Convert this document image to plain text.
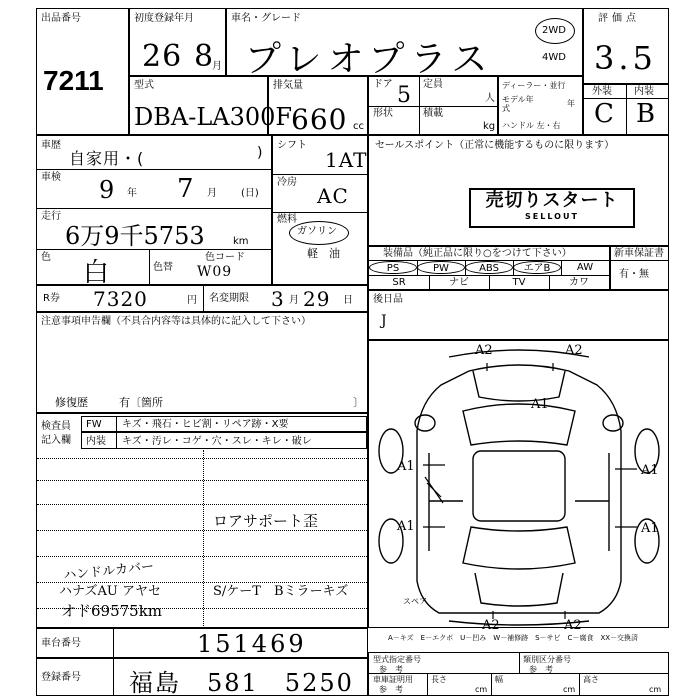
出品番号
7211
初度登録年月
26 8
月
車名・グレード
プレオプラス
2WD
4WD
評価点
3.5
型式
DBA-LA300F
排気量
660 cc
ドア 5 定員
人
形状	積載
kg
ディーラー・並行
モデル年式
年
ハンドル 左・右
外装 内装
C B
車歴
自家用・(	)
車検 9 年 7 月 (日)
走行
6万9千5753	km
色
白	色替
色コード
W09
シフト
1AT
冷房
AC
燃料
ガソリン
軽　油
R券 7320	円 名変期限 3 月 29 日
セールスポイント（正常に機能するものに限ります）
売切りスタート
SELLOUT
装備品（純正品に限り○をつけて下さい）
PS	PW	ABS	エアB	AW
SR	ナビ	TV	カワ
新車保証書
有・無
後日品
J
注意事項申告欄（不具合内容等は具体的に記入して下さい）
修復歴	有〔箇所	〕
検査員
記入欄
FW キズ・飛石・ヒビ割・リペア跡・X要
内装 キズ・汚レ・コゲ・穴・スレ・キレ・破レ
ロアサポート歪
ハンドルカバー
ハナズAU アヤセ	S/ケーT　Bミラーキズ
オド69575km
A2	A2
A1
A1	A1
A1	A1
スペア
A2	A2
A－キズ　E－エクボ　U－凹み　W－補修跡　S－サビ　C－腐食　XX－交換済
車台番号	151469
登録番号 福島　581　5250
型式指定番号
参　考
類別区分番号
参　考
車庫証明用
参　考
長さ
cm
幅
cm
高さ
cm
